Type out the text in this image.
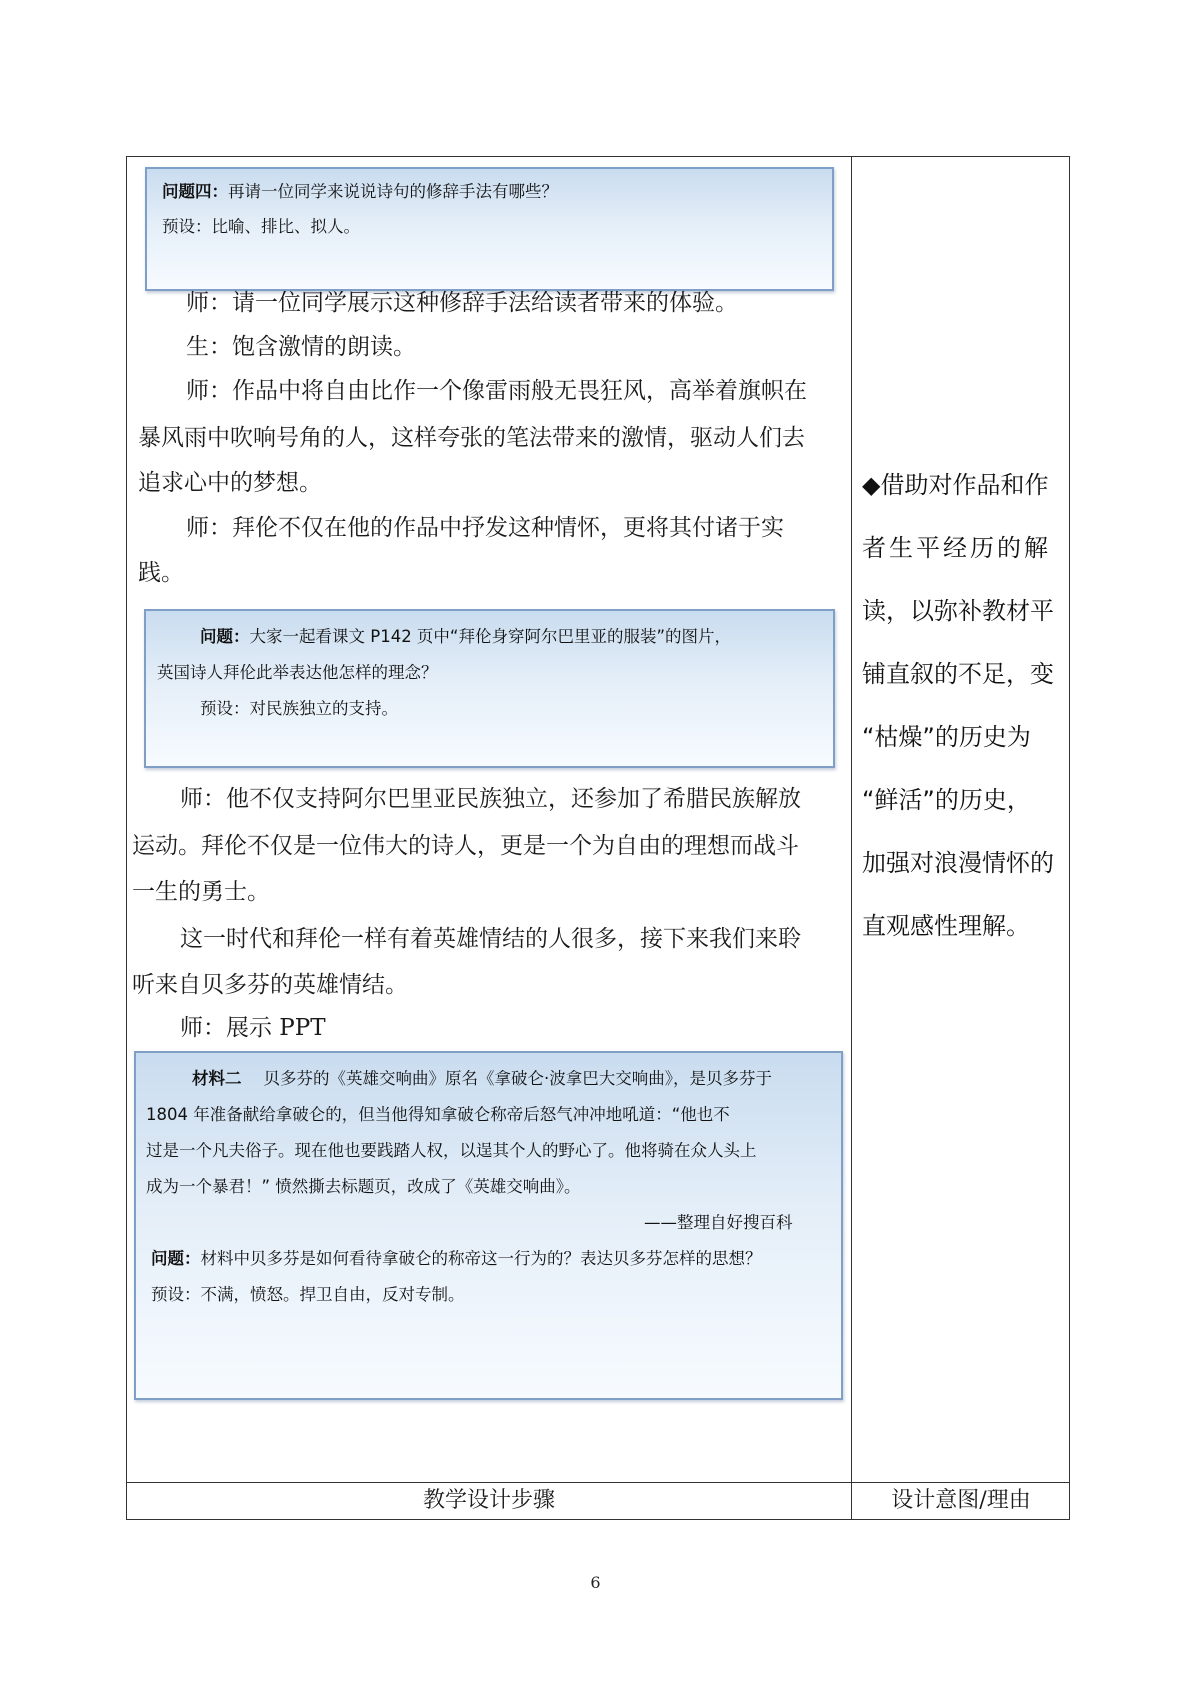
教学设计步骤	设计意图/理由

问题四：再请一位同学来说说诗句的修辞手法有哪些？

预设：比喻、排比、拟人。

师：请一位同学展示这种修辞手法给读者带来的体验。
生：饱含激情的朗读。
师：作品中将自由比作一个像雷雨般无畏狂风，高举着旗帜在
暴风雨中吹响号角的人，这样夸张的笔法带来的激情，驱动人们去
追求心中的梦想。
师：拜伦不仅在他的作品中抒发这种情怀，更将其付诸于实
践。

问题：大家一起看课文 P142 页中“拜伦身穿阿尔巴里亚的服装”的图片，

英国诗人拜伦此举表达他怎样的理念？

预设：对民族独立的支持。

师：他不仅支持阿尔巴里亚民族独立，还参加了希腊民族解放
运动。拜伦不仅是一位伟大的诗人，更是一个为自由的理想而战斗
一生的勇士。
这一时代和拜伦一样有着英雄情结的人很多，接下来我们来聆
听来自贝多芬的英雄情结。
师：展示 PPT

材料二 贝多芬的《英雄交响曲》原名《拿破仑·波拿巴大交响曲》，是贝多芬于

1804 年准备献给拿破仑的，但当他得知拿破仑称帝后怒气冲冲地吼道：“他也不

过是一个凡夫俗子。现在他也要践踏人权，以逞其个人的野心了。他将骑在众人头上

成为一个暴君！” 愤然撕去标题页，改成了《英雄交响曲》。

——整理自好搜百科

问题：材料中贝多芬是如何看待拿破仑的称帝这一行为的？表达贝多芬怎样的思想？

预设：不满，愤怒。捍卫自由，反对专制。

◆借助对作品和作
者生平经历的解
读，以弥补教材平
铺直叙的不足，变
“枯燥”的历史为
“鲜活”的历史，
加强对浪漫情怀的
直观感性理解。
6
